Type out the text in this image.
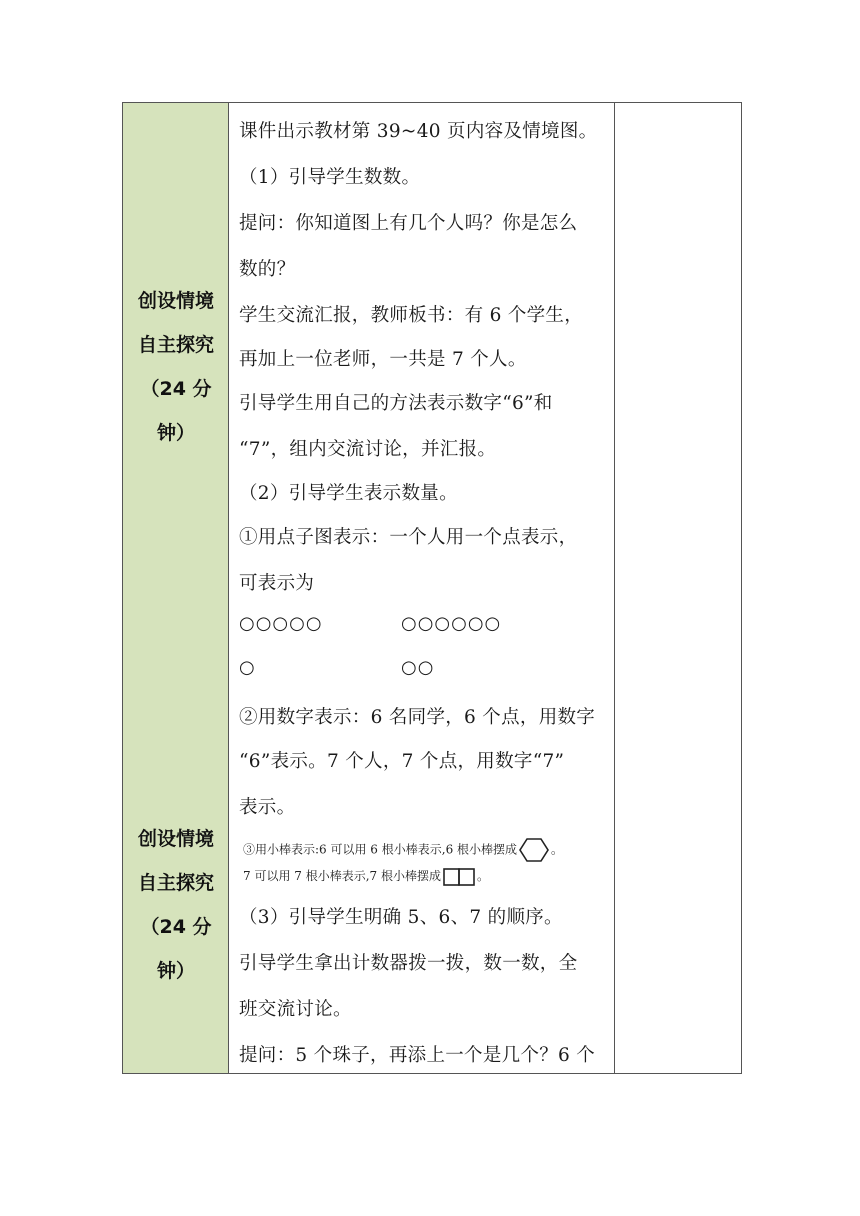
创设情境
自主探究
（24 分
钟）
创设情境
自主探究
（24 分
钟）
课件出示教材第 39~40 页内容及情境图。
（1）引导学生数数。
提问：你知道图上有几个人吗？你是怎么
数的？
学生交流汇报，教师板书：有 6 个学生，
再加上一位老师，一共是 7 个人。
引导学生用自己的方法表示数字“6”和
“7”，组内交流讨论，并汇报。
（2）引导学生表示数量。
①用点子图表示：一个人用一个点表示，
可表示为
○○○○○	○○○○○○
○	○○
②用数字表示：6 名同学，6 个点，用数字
“6”表示。7 个人，7 个点，用数字“7”
表示。
③用小棒表示:6 可以用 6 根小棒表示,6 根小棒摆成	。
7 可以用 7 根小棒表示,7 根小棒摆成	。
（3）引导学生明确 5、6、7 的顺序。
引导学生拿出计数器拨一拨，数一数，全
班交流讨论。
提问：5 个珠子，再添上一个是几个？6 个
